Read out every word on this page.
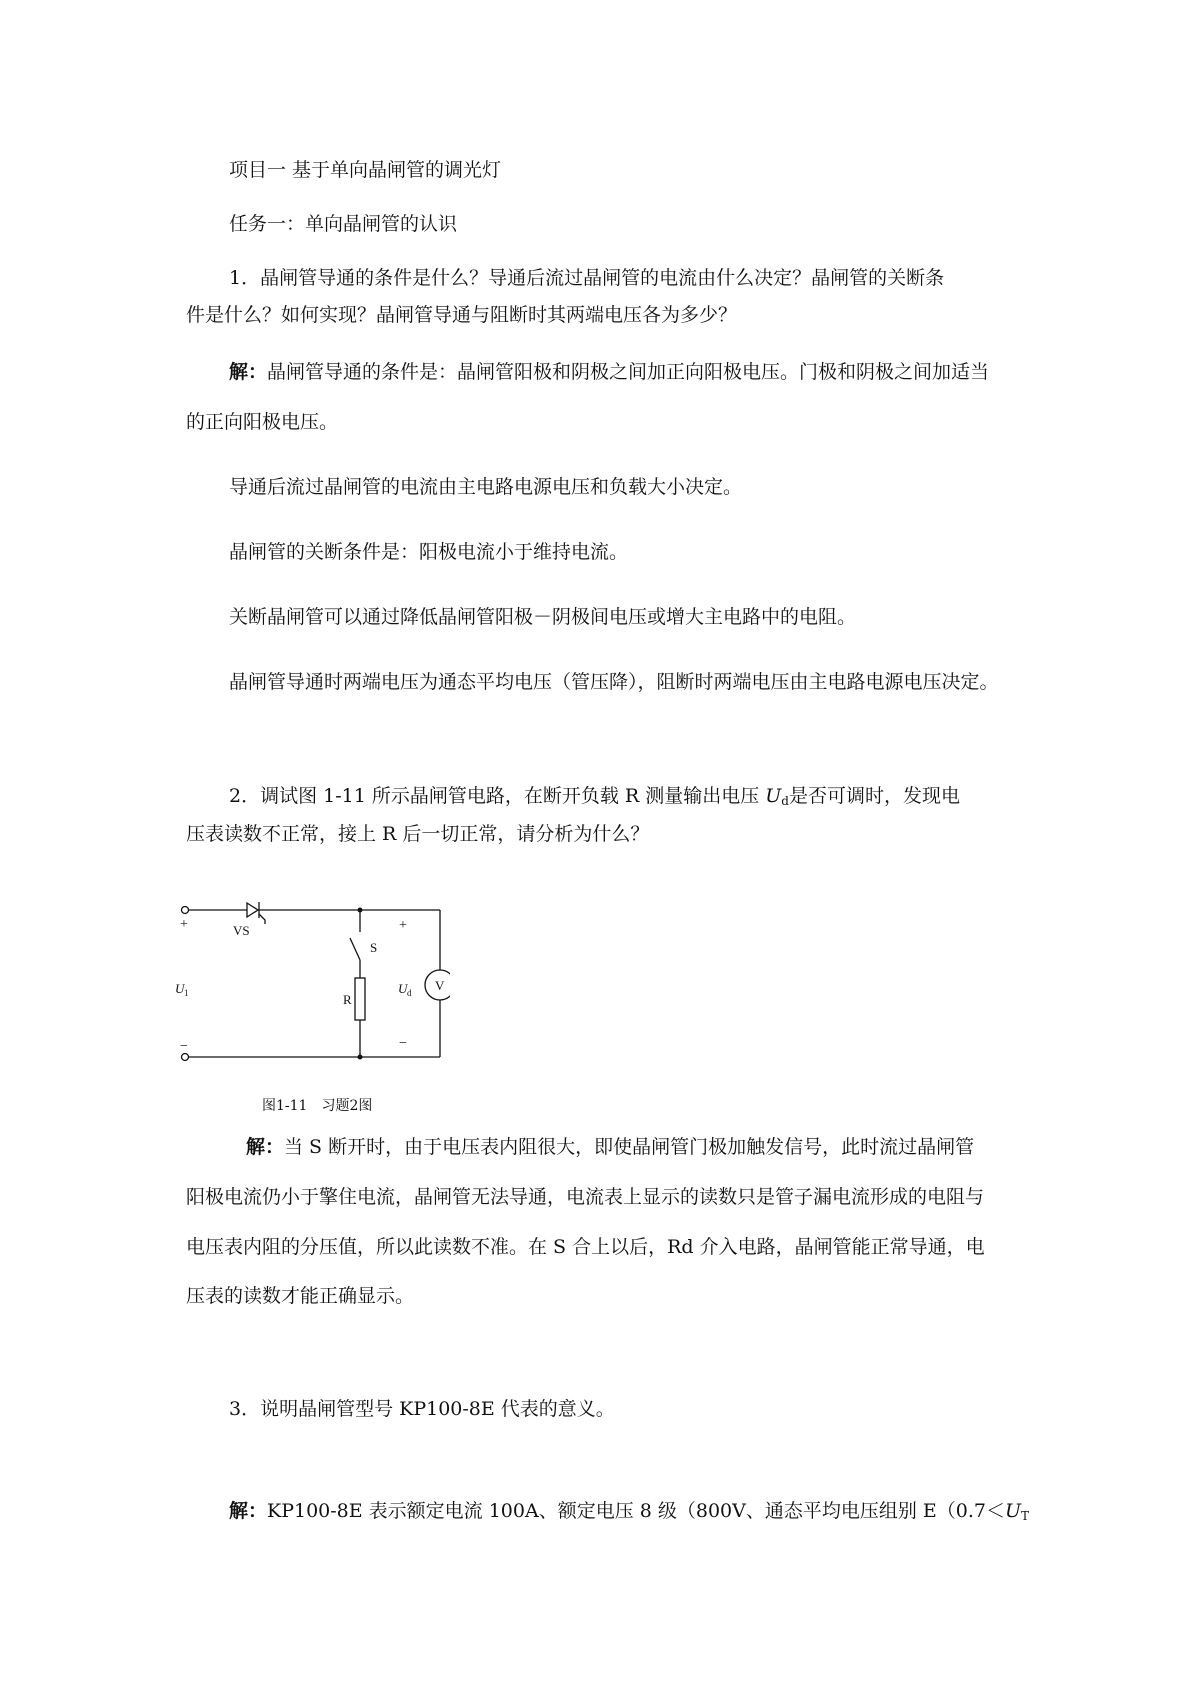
项目一 基于单向晶闸管的调光灯

任务一：单向晶闸管的认识

1．晶闸管导通的条件是什么？导通后流过晶闸管的电流由什么决定？晶闸管的关断条

件是什么？如何实现？晶闸管导通与阻断时其两端电压各为多少？

解：晶闸管导通的条件是：晶闸管阳极和阴极之间加正向阳极电压。门极和阴极之间加适当

的正向阳极电压。

导通后流过晶闸管的电流由主电路电源电压和负载大小决定。

晶闸管的关断条件是：阳极电流小于维持电流。

关断晶闸管可以通过降低晶闸管阳极－阴极间电压或增大主电路中的电阻。

晶闸管导通时两端电压为通态平均电压（管压降），阻断时两端电压由主电路电源电压决定。

2．调试图 1-11 所示晶闸管电路，在断开负载 R 测量输出电压 $U_d$是否可调时，发现电

压表读数不正常，接上 R 后一切正常，请分析为什么？

+
−
VS
S
R
U 1	U d V
+
−
图1-11　习题2图

解：当 S 断开时，由于电压表内阻很大，即使晶闸管门极加触发信号，此时流过晶闸管

阳极电流仍小于擎住电流，晶闸管无法导通，电流表上显示的读数只是管子漏电流形成的电阻与

电压表内阻的分压值，所以此读数不准。在 S 合上以后，Rd 介入电路，晶闸管能正常导通，电

压表的读数才能正确显示。

3．说明晶闸管型号 KP100-8E 代表的意义。

解：KP100-8E 表示额定电流 100A、额定电压 8 级（800V、通态平均电压组别 $E(0.7<U_T$
